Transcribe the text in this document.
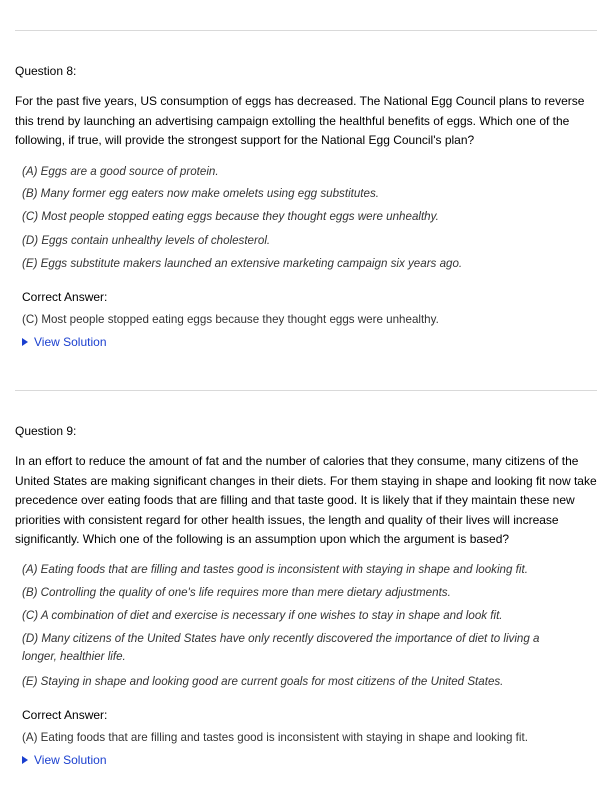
Question 8:
For the past five years, US consumption of eggs has decreased. The National Egg Council plans to reverse this trend by launching an advertising campaign extolling the healthful benefits of eggs. Which one of the following, if true, will provide the strongest support for the National Egg Council's plan?
(A) Eggs are a good source of protein.
(B) Many former egg eaters now make omelets using egg substitutes.
(C) Most people stopped eating eggs because they thought eggs were unhealthy.
(D) Eggs contain unhealthy levels of cholesterol.
(E) Eggs substitute makers launched an extensive marketing campaign six years ago.
Correct Answer:
(C) Most people stopped eating eggs because they thought eggs were unhealthy.
View Solution
Question 9:
In an effort to reduce the amount of fat and the number of calories that they consume, many citizens of the United States are making significant changes in their diets. For them staying in shape and looking fit now take precedence over eating foods that are filling and that taste good. It is likely that if they maintain these new priorities with consistent regard for other health issues, the length and quality of their lives will increase significantly. Which one of the following is an assumption upon which the argument is based?
(A) Eating foods that are filling and tastes good is inconsistent with staying in shape and looking fit.
(B) Controlling the quality of one's life requires more than mere dietary adjustments.
(C) A combination of diet and exercise is necessary if one wishes to stay in shape and look fit.
(D) Many citizens of the United States have only recently discovered the importance of diet to living a longer, healthier life.
(E) Staying in shape and looking good are current goals for most citizens of the United States.
Correct Answer:
(A) Eating foods that are filling and tastes good is inconsistent with staying in shape and looking fit.
View Solution
